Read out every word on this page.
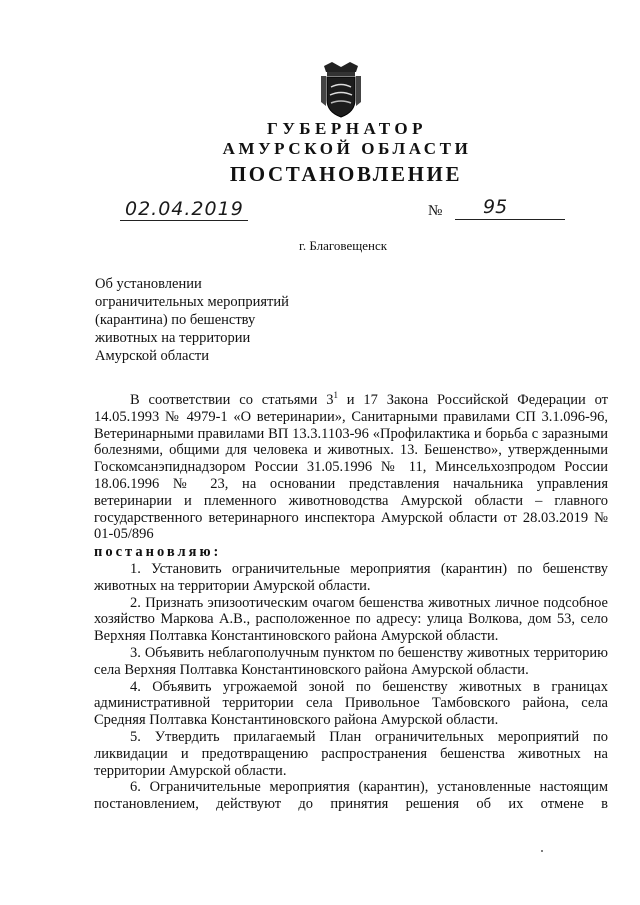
ГУБЕРНАТОР
АМУРСКОЙ ОБЛАСТИ
ПОСТАНОВЛЕНИЕ
02.04.2019	№ 95
г. Благовещенск
Об установлении
ограничительных мероприятий
(карантина) по бешенству
животных на территории
Амурской области
В соответствии со статьями $3^1$ и 17 Закона Российской Федерации от
14.05.1993 № 4979-1 «О ветеринарии», Санитарными правилами СП 3.1.096-96, Ветеринарными правилами ВП 13.3.1103-96 «Профилактика и борьба с заразными болезнями, общими для человека и животных. 13. Бешенство», утвержденными Госкомсанэпиднадзором России 31.05.1996 № 11, Минсельхозпродом России 18.06.1996 № 23, на основании представления начальника управления ветеринарии и племенного животноводства Амурской области – главного государственного ветеринарного инспектора Амурской области от 28.03.2019 № 01-05/896
постановляю:
1. Установить ограничительные мероприятия (карантин) по бешенству животных на территории Амурской области.
2. Признать эпизоотическим очагом бешенства животных личное подсобное хозяйство Маркова А.В., расположенное по адресу: улица Волкова, дом 53, село Верхняя Полтавка Константиновского района Амурской области.
3. Объявить неблагополучным пунктом по бешенству животных территорию села Верхняя Полтавка Константиновского района Амурской области.
4. Объявить угрожаемой зоной по бешенству животных в границах административной территории села Привольное Тамбовского района, села Средняя Полтавка Константиновского района Амурской области.
5. Утвердить прилагаемый План ограничительных мероприятий по ликвидации и предотвращению распространения бешенства животных на территории Амурской области.
6. Ограничительные мероприятия (карантин), установленные настоящим постановлением, действуют до принятия решения об их отмене в
